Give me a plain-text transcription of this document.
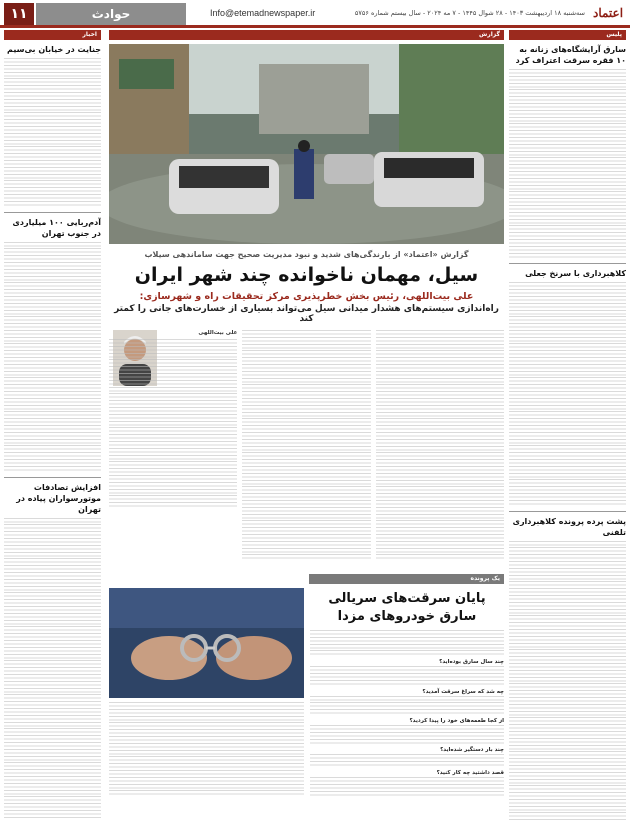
۱۱	حوادث	Info@etemadnewspaper.ir	سه‌شنبه ۱۸ اردیبهشت ۱۴۰۳ - ۲۸ شوال ۱۴۴۵ - ۷ مه ۲۰۲۴ - سال بیستم شماره ۵۷۵۶ اعتماد
پلیس
سارق آرایشگاه‌های زنانه به ۱۰ فقره سرقت اعتراف کرد
کلاهبرداری با سرنخ جعلی
پشت پرده پرونده کلاهبرداری تلفنی
اخبار
جنایت در خیابان بی‌سیم
آدم‌ربایی ۱۰۰ میلیاردی در جنوب تهران
افزایش تصادفات موتورسواران پیاده در تهران
گزارش
گزارش «اعتماد» از بارندگی‌های شدید و نبود مدیریت صحیح جهت ساماندهی سیلاب
سیل، مهمان ناخوانده چند شهر ایران
علی بیت‌اللهی، رئیس بخش خطرپذیری مرکز تحقیقات راه و شهرسازی:
راه‌اندازی سیستم‌های هشدار میدانی سیل می‌تواند بسیاری از خسارت‌های جانی را کمتر کند
علی بیت‌اللهی
یک پرونده
پایان سرقت‌های سریالی سارق خودروهای مزدا
چند سال سارق بوده‌اید؟
چه شد که سراغ سرقت آمدید؟
از کجا طعمه‌های خود را پیدا کردید؟
چند بار دستگیر شده‌اید؟
قصد داشتید چه کار کنید؟
